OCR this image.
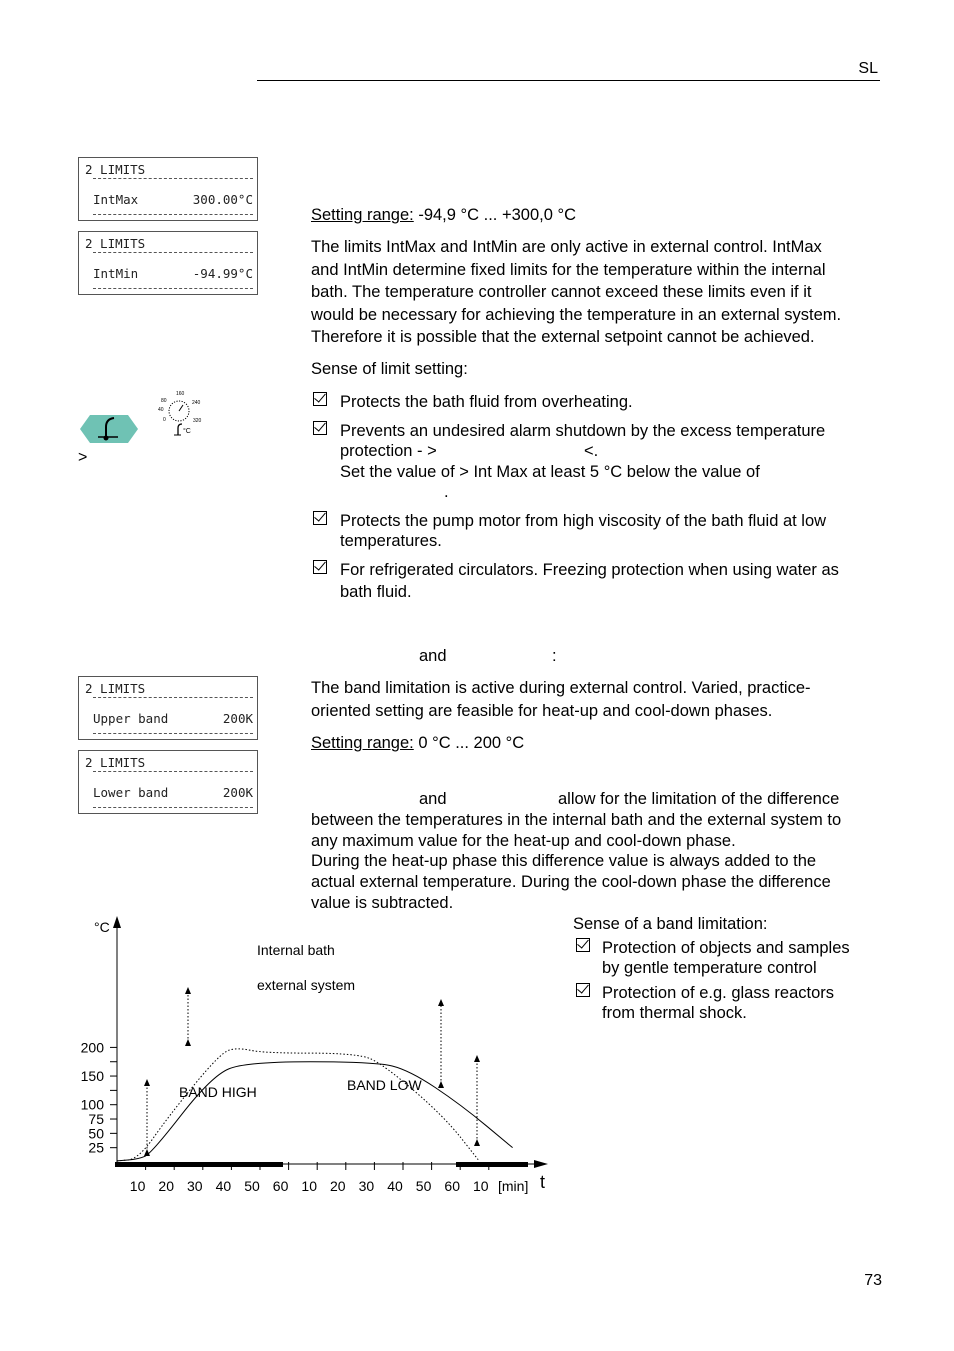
SL
2 LIMITS
IntMax	300.00°C
2 LIMITS
IntMin	-94.99°C
2 LIMITS
Upper band	200K
2 LIMITS
Lower band	200K
160
80	240
40
320
0
°C
>
Setting range: -94,9 °C ... +300,0 °C
The limits IntMax and IntMin are only active in external control. IntMax
and IntMin determine fixed limits for the temperature within the internal
bath. The temperature controller cannot exceed these limits even if it
would be necessary for achieving the temperature in an external system.
Therefore it is possible that the external setpoint cannot be achieved.
Sense of limit setting:
Protects the bath fluid from overheating.
Prevents an undesired alarm shutdown by the excess temperature
protection - >	<.
Set the value of > Int Max at least 5 °C below the value of
.
Protects the pump motor from high viscosity of the bath fluid at low
temperatures.
For refrigerated circulators. Freezing protection when using water as
bath fluid.
and	:
The band limitation is active during external control. Varied, practice-
oriented setting are feasible for heat-up and cool-down phases.
Setting range: 0 °C ... 200 °C
and	allow for the limitation of the difference
between the temperatures in the internal bath and the external system to
any maximum value for the heat-up and cool-down phase.
During the heat-up phase this difference value is always added to the
actual external temperature. During the cool-down phase the difference
value is subtracted.
Sense of a band limitation:
Protection of objects and samples
by gentle temperature control
Protection of e.g. glass reactors
from thermal shock.
°C
t
[min]
Internal bath
external system
BAND HIGH	BAND LOW
200
150
100
75
50
25
10 20 30 40 50 60 10 20 30 40 50 60 10
73
